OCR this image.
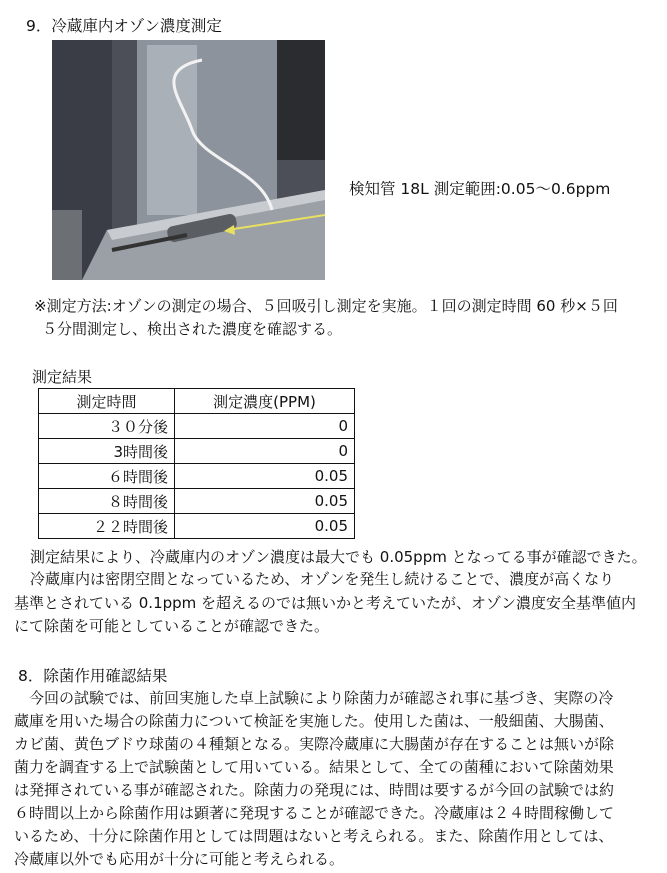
9．冷蔵庫内オゾン濃度測定
検知管 18L 測定範囲:0.05～0.6ppm
※測定方法:オゾンの測定の場合、５回吸引し測定を実施。１回の測定時間 60 秒×５回
５分間測定し、検出された濃度を確認する。
測定結果
測定時間	測定濃度(PPM)
３０分後	0
3時間後	0
６時間後	0.05
８時間後	0.05
２２時間後	0.05
測定結果により、冷蔵庫内のオゾン濃度は最大でも 0.05ppm となってる事が確認できた。
冷蔵庫内は密閉空間となっているため、オゾンを発生し続けることで、濃度が高くなり
基準とされている 0.1ppm を超えるのでは無いかと考えていたが、オゾン濃度安全基準値内
にて除菌を可能としていることが確認できた。
8．除菌作用確認結果
　今回の試験では、前回実施した卓上試験により除菌力が確認され事に基づき、実際の冷
蔵庫を用いた場合の除菌力について検証を実施した。使用した菌は、一般細菌、大腸菌、
カビ菌、黄色ブドウ球菌の４種類となる。実際冷蔵庫に大腸菌が存在することは無いが除
菌力を調査する上で試験菌として用いている。結果として、全ての菌種において除菌効果
は発揮されている事が確認された。除菌力の発現には、時間は要するが今回の試験では約
６時間以上から除菌作用は顕著に発現することが確認できた。冷蔵庫は２４時間稼働して
いるため、十分に除菌作用としては問題はないと考えられる。また、除菌作用としては、
冷蔵庫以外でも応用が十分に可能と考えられる。
